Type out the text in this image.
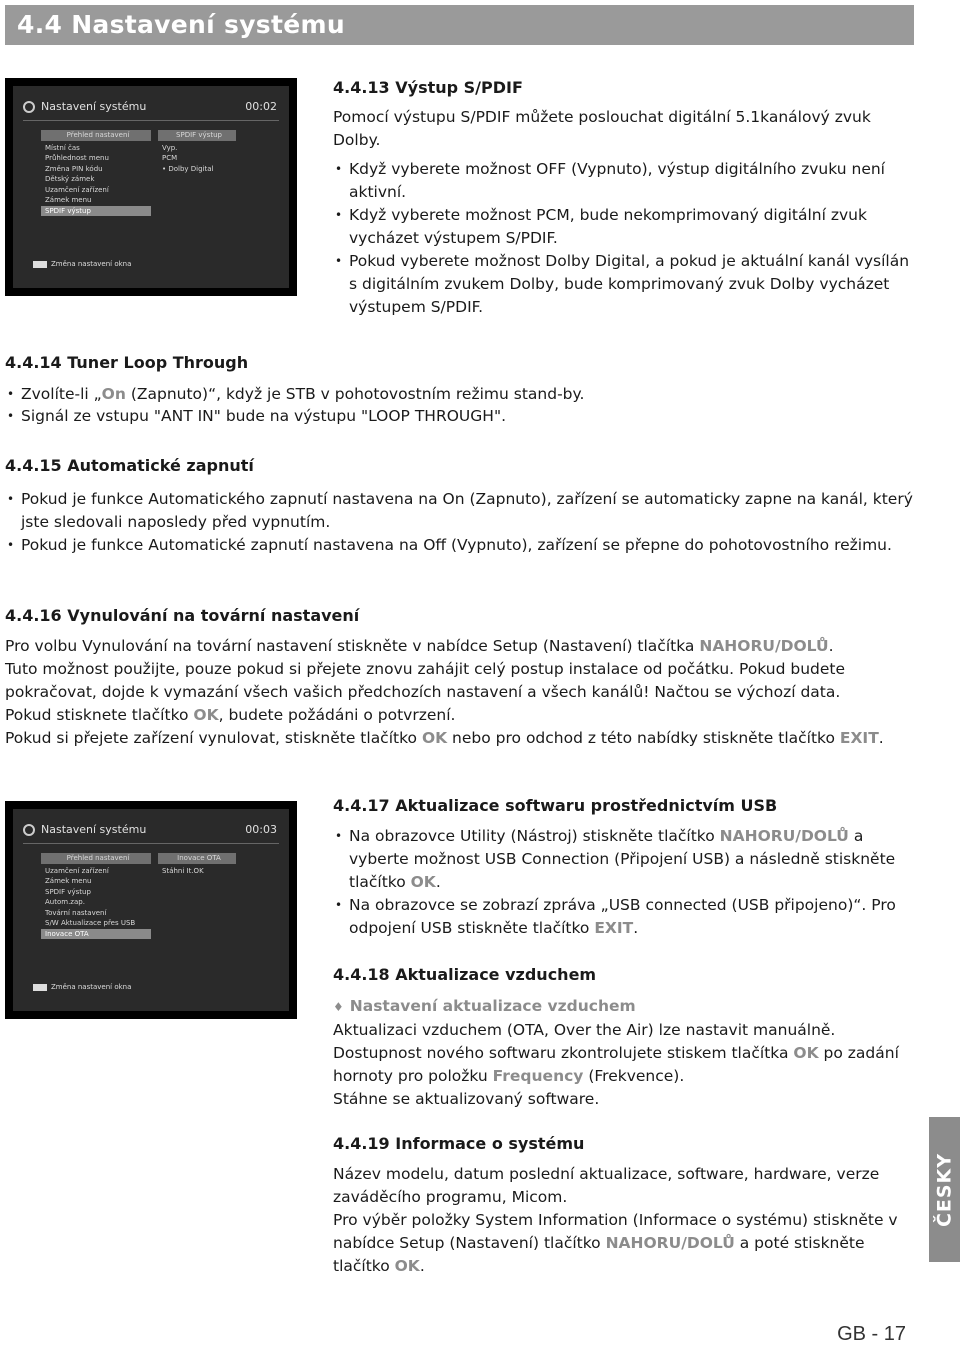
4.4 Nastavení systému
Nastavení systému	00:02
Přehled nastavení
Místní čas
Průhlednost menu
Změna PIN kódu
Dětský zámek
Uzamčení zařízení
Zámek menu
SPDIF výstup
SPDIF výstup
Vyp.
PCM
• Dolby Digital
Změna nastavení okna
4.4.13 Výstup S/PDIF

Pomocí výstupu S/PDIF můžete poslouchat digitální 5.1kanálový zvuk Dolby.

• Když vyberete možnost OFF (Vypnuto), výstup digitálního zvuku není aktivní.
• Když vyberete možnost PCM, bude nekomprimovaný digitální zvuk vycházet výstupem S/PDIF.
• Pokud vyberete možnost Dolby Digital, a pokud je aktuální kanál vysílán s digitálním zvukem Dolby, bude komprimovaný zvuk Dolby vycházet výstupem S/PDIF.
4.4.14 Tuner Loop Through
• Zvolíte-li „On (Zapnuto)“, když je STB v pohotovostním režimu stand-by.
• Signál ze vstupu "ANT IN" bude na výstupu "LOOP THROUGH".
4.4.15 Automatické zapnutí
• Pokud je funkce Automatického zapnutí nastavena na On (Zapnuto), zařízení se automaticky zapne na kanál, který jste sledovali naposledy před vypnutím.
• Pokud je funkce Automatické zapnutí nastavena na Off (Vypnuto), zařízení se přepne do pohotovostního režimu.
4.4.16 Vynulování na tovární nastavení

Pro volbu Vynulování na tovární nastavení stiskněte v nabídce Setup (Nastavení) tlačítka NAHORU/DOLŮ.

Tuto možnost použijte, pouze pokud si přejete znovu zahájit celý postup instalace od počátku. Pokud budete pokračovat, dojde k vymazání všech vašich předchozích nastavení a všech kanálů! Načtou se výchozí data.

Pokud stisknete tlačítko OK, budete požádáni o potvrzení.

Pokud si přejete zařízení vynulovat, stiskněte tlačítko OK nebo pro odchod z této nabídky stiskněte tlačítko EXIT.

Nastavení systému	00:03
Přehled nastavení
Uzamčení zařízení
Zámek menu
SPDIF výstup
Autom.zap.
Tovární nastavení
S/W Aktualizace přes USB
Inovace OTA
Inovace OTA
Stáhni It.OK
Změna nastavení okna
4.4.17 Aktualizace softwaru prostřednictvím USB
• Na obrazovce Utility (Nástroj) stiskněte tlačítko NAHORU/DOLŮ a vyberte možnost USB Connection (Připojení USB) a následně stiskněte tlačítko OK.
• Na obrazovce se zobrazí zpráva „USB connected (USB připojeno)“. Pro odpojení USB stiskněte tlačítko EXIT.
4.4.18 Aktualizace vzduchem

♦ Nastavení aktualizace vzduchem

Aktualizaci vzduchem (OTA, Over the Air) lze nastavit manuálně.

Dostupnost nového softwaru zkontrolujete stiskem tlačítka OK po zadání hornoty pro položku Frequency (Frekvence).

Stáhne se aktualizovaný software.

4.4.19 Informace o systému

Název modelu, datum poslední aktualizace, software, hardware, verze zaváděcího programu, Micom.

Pro výběr položky System Information (Informace o systému) stiskněte v nabídce Setup (Nastavení) tlačítko NAHORU/DOLŮ a poté stiskněte tlačítko OK.

ČESKY
GB - 17
